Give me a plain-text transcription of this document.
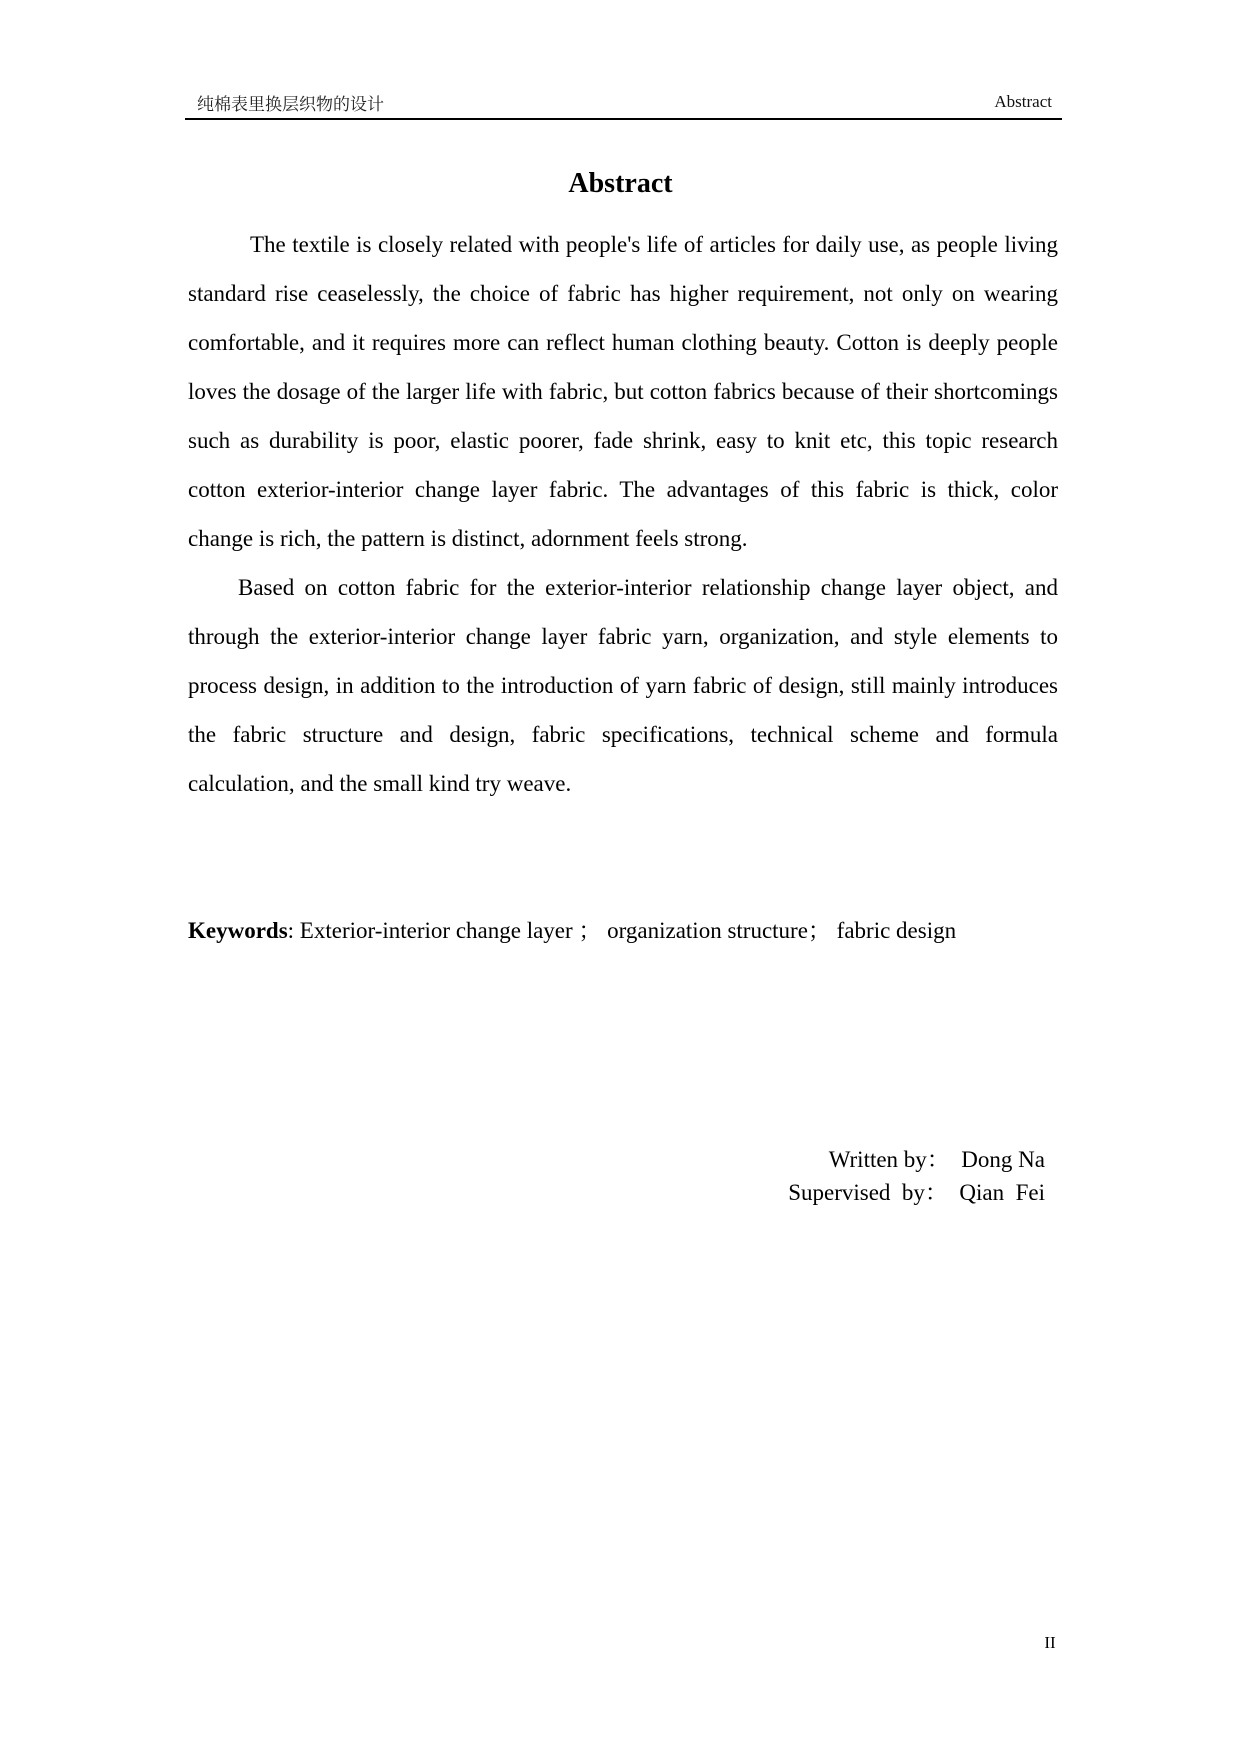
纯棉表里换层织物的设计	Abstract
Abstract

The textile is closely related with people's life of articles for daily use, as people living standard rise ceaselessly, the choice of fabric has higher requirement, not only on wearing comfortable, and it requires more can reflect human clothing beauty. Cotton is deeply people loves the dosage of the larger life with fabric, but cotton fabrics because of their shortcomings such as durability is poor, elastic poorer, fade shrink, easy to knit etc, this topic research cotton exterior-interior change layer fabric. The advantages of this fabric is thick, color change is rich, the pattern is distinct, adornment feels strong.

Based on cotton fabric for the exterior-interior relationship change layer object, and through the exterior-interior change layer fabric yarn, organization, and style elements to process design, in addition to the introduction of yarn fabric of design, still mainly introduces the fabric structure and design, fabric specifications, technical scheme and formula calculation, and the small kind try weave.

Keywords: Exterior-interior change layer ； organization structure； fabric design
Written by：  Dong Na
Supervised  by：  Qian  Fei
II
